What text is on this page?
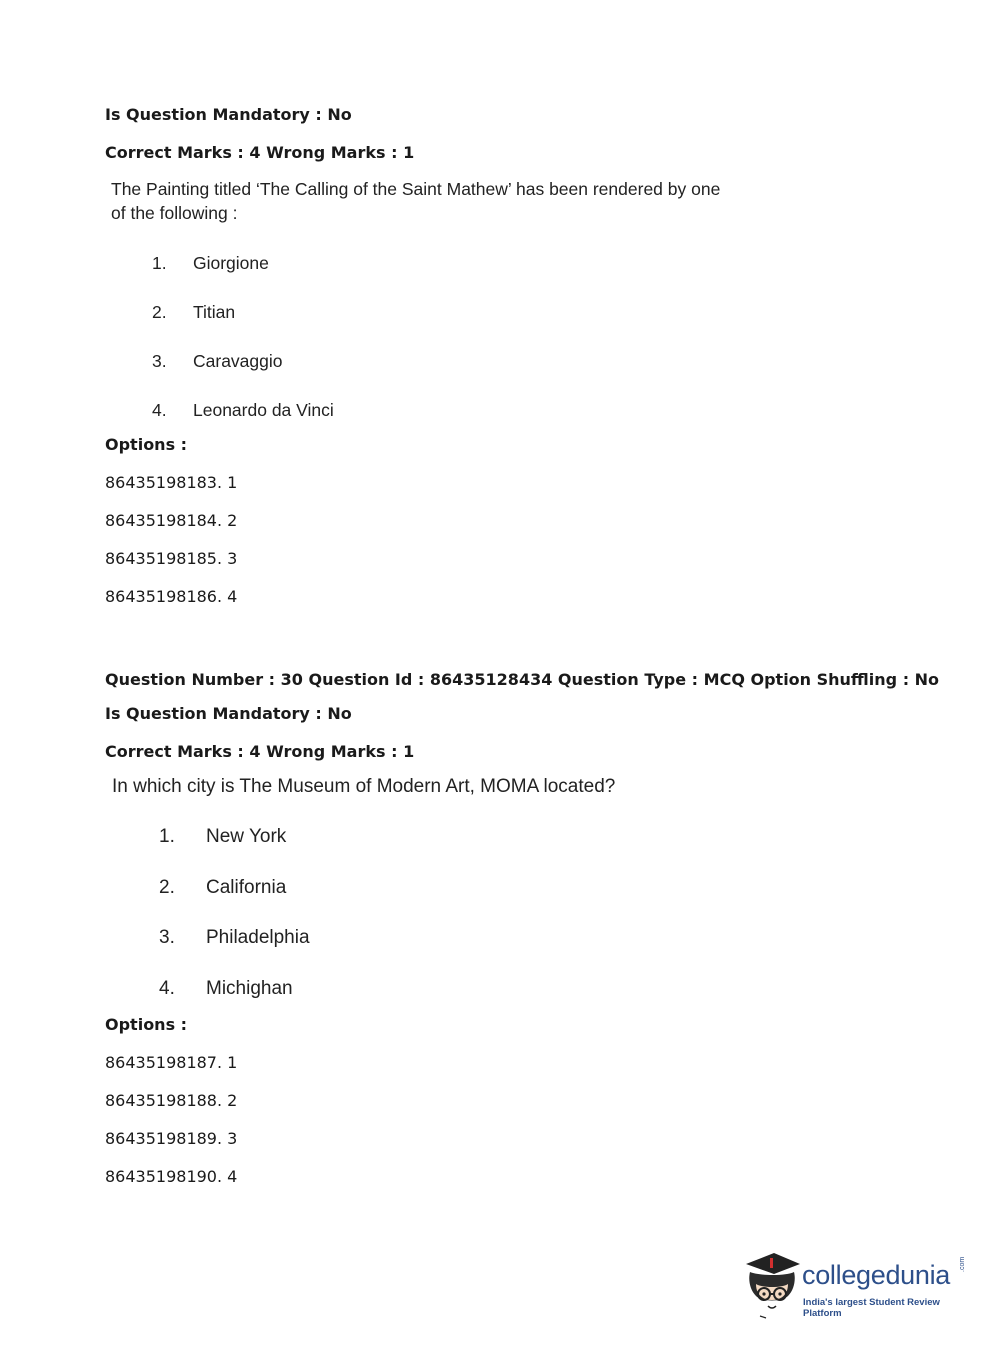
Is Question Mandatory : No
Correct Marks : 4 Wrong Marks : 1
The Painting titled ‘The Calling of the Saint Mathew’ has been rendered by one
of the following :
1. Giorgione
2. Titian
3. Caravaggio
4. Leonardo da Vinci
Options :
86435198183. 1
86435198184. 2
86435198185. 3
86435198186. 4
Question Number : 30 Question Id : 86435128434 Question Type : MCQ Option Shuffling : No
Is Question Mandatory : No
Correct Marks : 4 Wrong Marks : 1
In which city is The Museum of Modern Art, MOMA located?
1. New York
2. California
3. Philadelphia
4. Michighan
Options :
86435198187. 1
86435198188. 2
86435198189. 3
86435198190. 4
collegedunia .com
India's largest Student Review Platform
